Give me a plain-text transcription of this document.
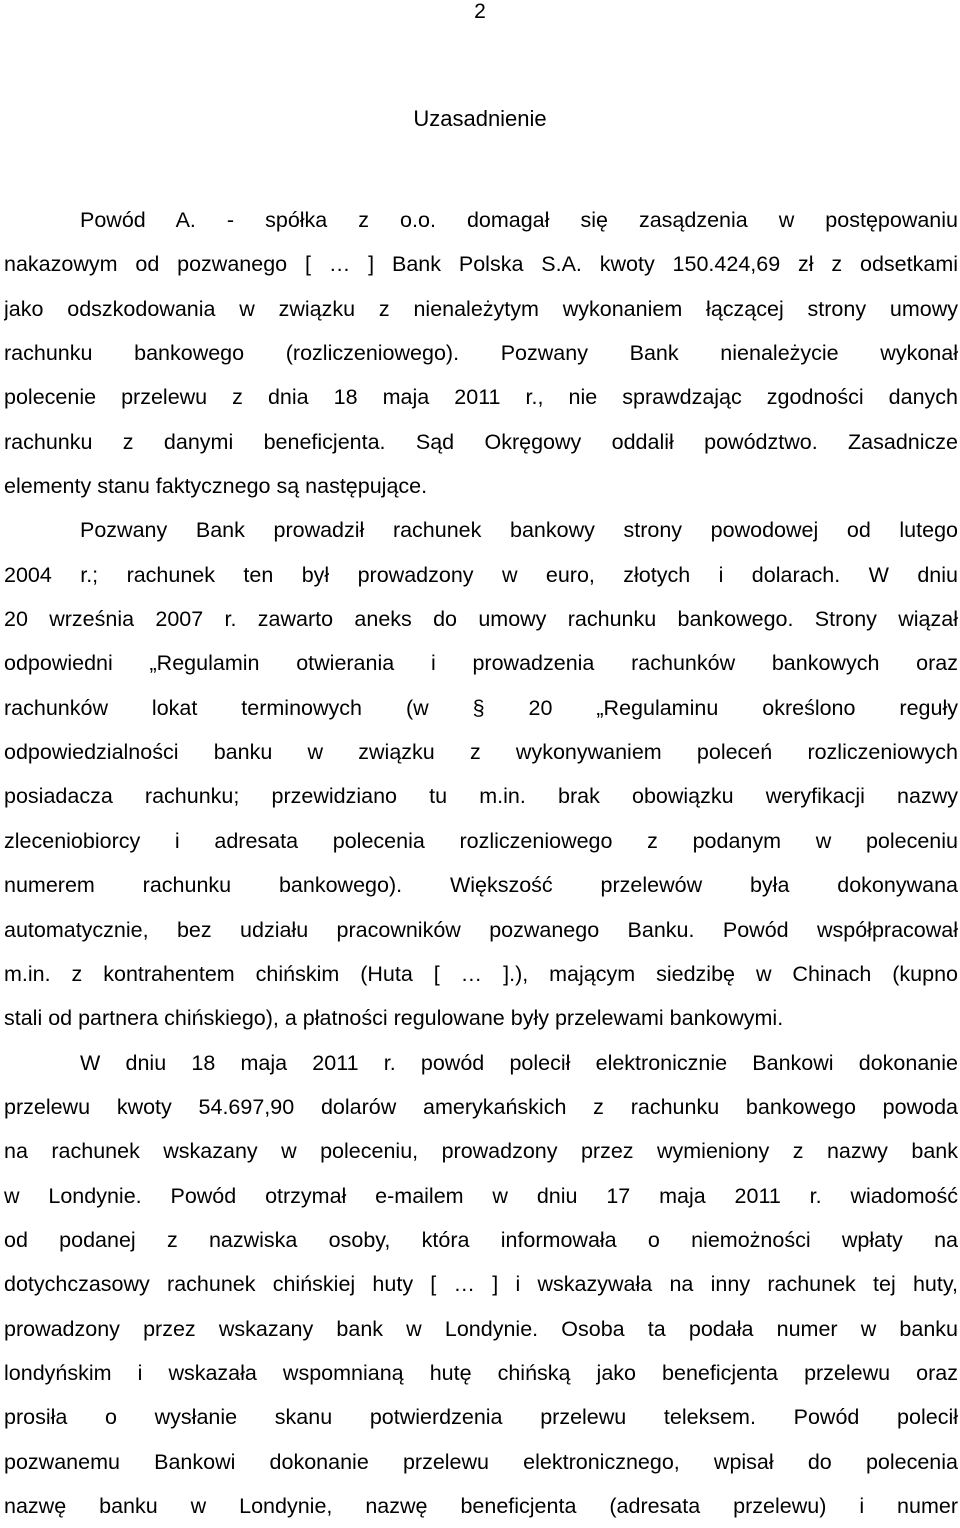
2
Uzasadnienie
Powód A. - spółka z o.o. domagał się zasądzenia w postępowaniu
nakazowym od pozwanego [ … ] Bank Polska S.A. kwoty 150.424,69 zł z odsetkami
jako odszkodowania w związku z nienależytym wykonaniem łączącej strony umowy
rachunku bankowego (rozliczeniowego). Pozwany Bank nienależycie wykonał
polecenie przelewu z dnia 18 maja 2011 r., nie sprawdzając zgodności danych
rachunku z danymi beneficjenta. Sąd Okręgowy oddalił powództwo. Zasadnicze
elementy stanu faktycznego są następujące.
Pozwany Bank prowadził rachunek bankowy strony powodowej od lutego
2004 r.; rachunek ten był prowadzony w euro, złotych i dolarach. W dniu
20 września 2007 r. zawarto aneks do umowy rachunku bankowego. Strony wiązał
odpowiedni „Regulamin otwierania i prowadzenia rachunków bankowych oraz
rachunków lokat terminowych (w § 20 „Regulaminu określono reguły
odpowiedzialności banku w związku z wykonywaniem poleceń rozliczeniowych
posiadacza rachunku; przewidziano tu m.in. brak obowiązku weryfikacji nazwy
zleceniobiorcy i adresata polecenia rozliczeniowego z podanym w poleceniu
numerem rachunku bankowego). Większość przelewów była dokonywana
automatycznie, bez udziału pracowników pozwanego Banku. Powód współpracował
m.in. z kontrahentem chińskim (Huta [ … ].), mającym siedzibę w Chinach (kupno
stali od partnera chińskiego), a płatności regulowane były przelewami bankowymi.
W dniu 18 maja 2011 r. powód polecił elektronicznie Bankowi dokonanie
przelewu kwoty 54.697,90 dolarów amerykańskich z rachunku bankowego powoda
na rachunek wskazany w poleceniu, prowadzony przez wymieniony z nazwy bank
w Londynie. Powód otrzymał e-mailem w dniu 17 maja 2011 r. wiadomość
od podanej z nazwiska osoby, która informowała o niemożności wpłaty na
dotychczasowy rachunek chińskiej huty [ … ] i wskazywała na inny rachunek tej huty,
prowadzony przez wskazany bank w Londynie. Osoba ta podała numer w banku
londyńskim i wskazała wspomnianą hutę chińską jako beneficjenta przelewu oraz
prosiła o wysłanie skanu potwierdzenia przelewu teleksem. Powód polecił
pozwanemu Bankowi dokonanie przelewu elektronicznego, wpisał do polecenia
nazwę banku w Londynie, nazwę beneficjenta (adresata przelewu) i numer
